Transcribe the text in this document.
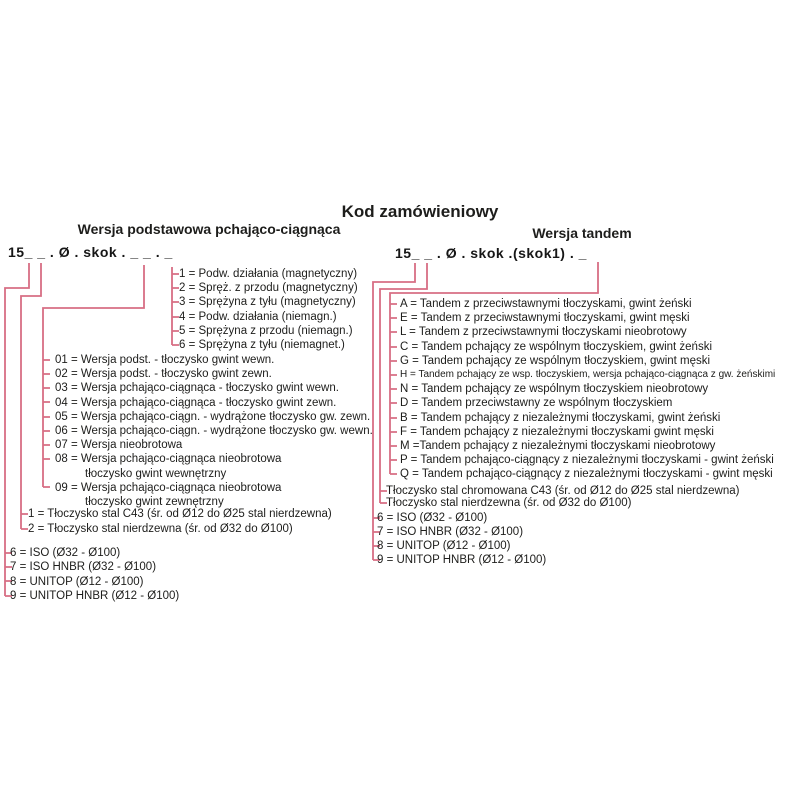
Kod zamówieniowy
Wersja podstawowa pchająco-ciągnąca	Wersja tandem
15_ _ . Ø . skok . _ _ . _	15_ _ . Ø . skok .(skok1) . _
1 = Podw. działania (magnetyczny)
2 = Spręż. z przodu (magnetyczny)
3 = Sprężyna z tyłu (magnetyczny)
4 = Podw. działania (niemagn.)
5 = Sprężyna z przodu (niemagn.)
6 = Sprężyna z tyłu (niemagnet.)
01 = Wersja podst. - tłoczysko gwint wewn.
02 = Wersja podst. - tłoczysko gwint zewn.
03 = Wersja pchająco-ciągnąca - tłoczysko gwint wewn.
04 = Wersja pchająco-ciągnąca - tłoczysko gwint zewn.
05 = Wersja pchająco-ciągn. - wydrążone tłoczysko gw. zewn.
06 = Wersja pchająco-ciągn. - wydrążone tłoczysko gw. wewn.
07 = Wersja nieobrotowa
08 = Wersja pchająco-ciągnąca nieobrotowa
tłoczysko gwint wewnętrzny
09 = Wersja pchająco-ciągnąca nieobrotowa
tłoczysko gwint zewnętrzny
1 = Tłoczysko stal C43 (śr. od Ø12 do Ø25 stal nierdzewna)
2 = Tłoczysko stal nierdzewna (śr. od Ø32 do Ø100)
6 = ISO (Ø32 - Ø100)
7 = ISO HNBR (Ø32 - Ø100)
8 = UNITOP (Ø12 - Ø100)
9 = UNITOP HNBR (Ø12 - Ø100)
A = Tandem z przeciwstawnymi tłoczyskami, gwint żeński
E = Tandem z przeciwstawnymi tłoczyskami, gwint męski
L = Tandem z przeciwstawnymi tłoczyskami nieobrotowy
C = Tandem pchający ze wspólnym tłoczyskiem, gwint żeński
G = Tandem pchający ze wspólnym tłoczyskiem, gwint męski
H = Tandem pchający ze wsp. tłoczyskiem, wersja pchająco-ciągnąca z gw. żeńskimi
N = Tandem pchający ze wspólnym tłoczyskiem nieobrotowy
D = Tandem przeciwstawny ze wspólnym tłoczyskiem
B = Tandem pchający z niezależnymi tłoczyskami, gwint żeński
F = Tandem pchający z niezależnymi tłoczyskami gwint męski
M =Tandem pchający z niezależnymi tłoczyskami nieobrotowy
P = Tandem pchająco-ciągnący z niezależnymi tłoczyskami - gwint żeński
Q = Tandem pchająco-ciągnący z niezależnymi tłoczyskami - gwint męski
Tłoczysko stal chromowana C43 (śr. od Ø12 do Ø25 stal nierdzewna)
Tłoczysko stal nierdzewna (śr. od Ø32 do Ø100)
6 = ISO (Ø32 - Ø100)
7 = ISO HNBR (Ø32 - Ø100)
8 = UNITOP (Ø12 - Ø100)
9 = UNITOP HNBR (Ø12 - Ø100)
